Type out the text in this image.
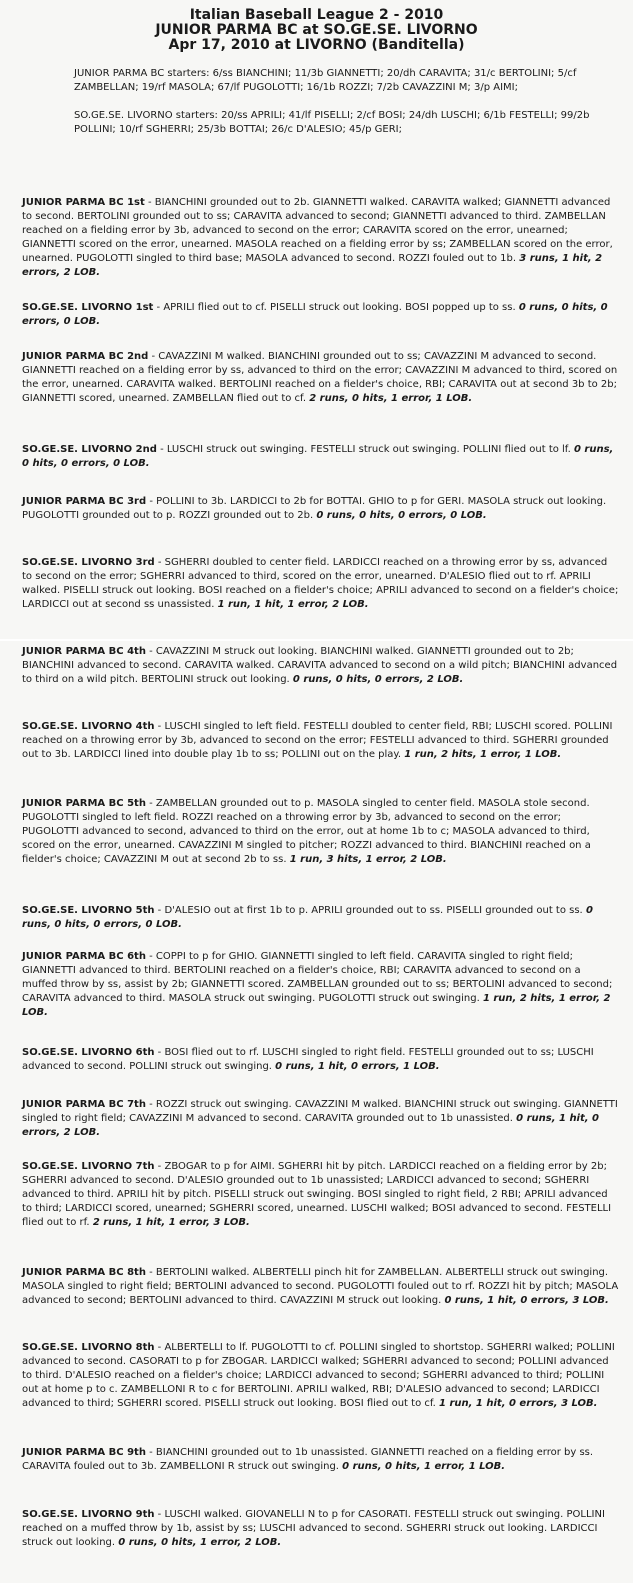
Italian Baseball League 2 - 2010
JUNIOR PARMA BC at SO.GE.SE. LIVORNO
Apr 17, 2010 at LIVORNO (Banditella)

JUNIOR PARMA BC starters: 6/ss BIANCHINI; 11/3b GIANNETTI; 20/dh CARAVITA; 31/c BERTOLINI; 5/cf ZAMBELLAN; 19/rf MASOLA; 67/lf PUGOLOTTI; 16/1b ROZZI; 7/2b CAVAZZINI M; 3/p AIMI;

SO.GE.SE. LIVORNO starters: 20/ss APRILI; 41/lf PISELLI; 2/cf BOSI; 24/dh LUSCHI; 6/1b FESTELLI; 99/2b POLLINI; 10/rf SGHERRI; 25/3b BOTTAI; 26/c D'ALESIO; 45/p GERI;

JUNIOR PARMA BC 1st - BIANCHINI grounded out to 2b. GIANNETTI walked. CARAVITA walked; GIANNETTI advanced to second. BERTOLINI grounded out to ss; CARAVITA advanced to second; GIANNETTI advanced to third. ZAMBELLAN reached on a fielding error by 3b, advanced to second on the error; CARAVITA scored on the error, unearned; GIANNETTI scored on the error, unearned. MASOLA reached on a fielding error by ss; ZAMBELLAN scored on the error, unearned. PUGOLOTTI singled to third base; MASOLA advanced to second. ROZZI fouled out to 1b. 3 runs, 1 hit, 2 errors, 2 LOB.
SO.GE.SE. LIVORNO 1st - APRILI flied out to cf. PISELLI struck out looking. BOSI popped up to ss. 0 runs, 0 hits, 0 errors, 0 LOB.
JUNIOR PARMA BC 2nd - CAVAZZINI M walked. BIANCHINI grounded out to ss; CAVAZZINI M advanced to second. GIANNETTI reached on a fielding error by ss, advanced to third on the error; CAVAZZINI M advanced to third, scored on the error, unearned. CARAVITA walked. BERTOLINI reached on a fielder's choice, RBI; CARAVITA out at second 3b to 2b; GIANNETTI scored, unearned. ZAMBELLAN flied out to cf. 2 runs, 0 hits, 1 error, 1 LOB.
SO.GE.SE. LIVORNO 2nd - LUSCHI struck out swinging. FESTELLI struck out swinging. POLLINI flied out to lf. 0 runs, 0 hits, 0 errors, 0 LOB.
JUNIOR PARMA BC 3rd - POLLINI to 3b. LARDICCI to 2b for BOTTAI. GHIO to p for GERI. MASOLA struck out looking. PUGOLOTTI grounded out to p. ROZZI grounded out to 2b. 0 runs, 0 hits, 0 errors, 0 LOB.
SO.GE.SE. LIVORNO 3rd - SGHERRI doubled to center field. LARDICCI reached on a throwing error by ss, advanced to second on the error; SGHERRI advanced to third, scored on the error, unearned. D'ALESIO flied out to rf. APRILI walked. PISELLI struck out looking. BOSI reached on a fielder's choice; APRILI advanced to second on a fielder's choice; LARDICCI out at second ss unassisted. 1 run, 1 hit, 1 error, 2 LOB.
JUNIOR PARMA BC 4th - CAVAZZINI M struck out looking. BIANCHINI walked. GIANNETTI grounded out to 2b; BIANCHINI advanced to second. CARAVITA walked. CARAVITA advanced to second on a wild pitch; BIANCHINI advanced to third on a wild pitch. BERTOLINI struck out looking. 0 runs, 0 hits, 0 errors, 2 LOB.
SO.GE.SE. LIVORNO 4th - LUSCHI singled to left field. FESTELLI doubled to center field, RBI; LUSCHI scored. POLLINI reached on a throwing error by 3b, advanced to second on the error; FESTELLI advanced to third. SGHERRI grounded out to 3b. LARDICCI lined into double play 1b to ss; POLLINI out on the play. 1 run, 2 hits, 1 error, 1 LOB.
JUNIOR PARMA BC 5th - ZAMBELLAN grounded out to p. MASOLA singled to center field. MASOLA stole second. PUGOLOTTI singled to left field. ROZZI reached on a throwing error by 3b, advanced to second on the error; PUGOLOTTI advanced to second, advanced to third on the error, out at home 1b to c; MASOLA advanced to third, scored on the error, unearned. CAVAZZINI M singled to pitcher; ROZZI advanced to third. BIANCHINI reached on a fielder's choice; CAVAZZINI M out at second 2b to ss. 1 run, 3 hits, 1 error, 2 LOB.
SO.GE.SE. LIVORNO 5th - D'ALESIO out at first 1b to p. APRILI grounded out to ss. PISELLI grounded out to ss. 0 runs, 0 hits, 0 errors, 0 LOB.
JUNIOR PARMA BC 6th - COPPI to p for GHIO. GIANNETTI singled to left field. CARAVITA singled to right field; GIANNETTI advanced to third. BERTOLINI reached on a fielder's choice, RBI; CARAVITA advanced to second on a muffed throw by ss, assist by 2b; GIANNETTI scored. ZAMBELLAN grounded out to ss; BERTOLINI advanced to second; CARAVITA advanced to third. MASOLA struck out swinging. PUGOLOTTI struck out swinging. 1 run, 2 hits, 1 error, 2 LOB.
SO.GE.SE. LIVORNO 6th - BOSI flied out to rf. LUSCHI singled to right field. FESTELLI grounded out to ss; LUSCHI advanced to second. POLLINI struck out swinging. 0 runs, 1 hit, 0 errors, 1 LOB.
JUNIOR PARMA BC 7th - ROZZI struck out swinging. CAVAZZINI M walked. BIANCHINI struck out swinging. GIANNETTI singled to right field; CAVAZZINI M advanced to second. CARAVITA grounded out to 1b unassisted. 0 runs, 1 hit, 0 errors, 2 LOB.
SO.GE.SE. LIVORNO 7th - ZBOGAR to p for AIMI. SGHERRI hit by pitch. LARDICCI reached on a fielding error by 2b; SGHERRI advanced to second. D'ALESIO grounded out to 1b unassisted; LARDICCI advanced to second; SGHERRI advanced to third. APRILI hit by pitch. PISELLI struck out swinging. BOSI singled to right field, 2 RBI; APRILI advanced to third; LARDICCI scored, unearned; SGHERRI scored, unearned. LUSCHI walked; BOSI advanced to second. FESTELLI flied out to rf. 2 runs, 1 hit, 1 error, 3 LOB.
JUNIOR PARMA BC 8th - BERTOLINI walked. ALBERTELLI pinch hit for ZAMBELLAN. ALBERTELLI struck out swinging. MASOLA singled to right field; BERTOLINI advanced to second. PUGOLOTTI fouled out to rf. ROZZI hit by pitch; MASOLA advanced to second; BERTOLINI advanced to third. CAVAZZINI M struck out looking. 0 runs, 1 hit, 0 errors, 3 LOB.
SO.GE.SE. LIVORNO 8th - ALBERTELLI to lf. PUGOLOTTI to cf. POLLINI singled to shortstop. SGHERRI walked; POLLINI advanced to second. CASORATI to p for ZBOGAR. LARDICCI walked; SGHERRI advanced to second; POLLINI advanced to third. D'ALESIO reached on a fielder's choice; LARDICCI advanced to second; SGHERRI advanced to third; POLLINI out at home p to c. ZAMBELLONI R to c for BERTOLINI. APRILI walked, RBI; D'ALESIO advanced to second; LARDICCI advanced to third; SGHERRI scored. PISELLI struck out looking. BOSI flied out to cf. 1 run, 1 hit, 0 errors, 3 LOB.
JUNIOR PARMA BC 9th - BIANCHINI grounded out to 1b unassisted. GIANNETTI reached on a fielding error by ss. CARAVITA fouled out to 3b. ZAMBELLONI R struck out swinging. 0 runs, 0 hits, 1 error, 1 LOB.
SO.GE.SE. LIVORNO 9th - LUSCHI walked. GIOVANELLI N to p for CASORATI. FESTELLI struck out swinging. POLLINI reached on a muffed throw by 1b, assist by ss; LUSCHI advanced to second. SGHERRI struck out looking. LARDICCI struck out looking. 0 runs, 0 hits, 1 error, 2 LOB.
